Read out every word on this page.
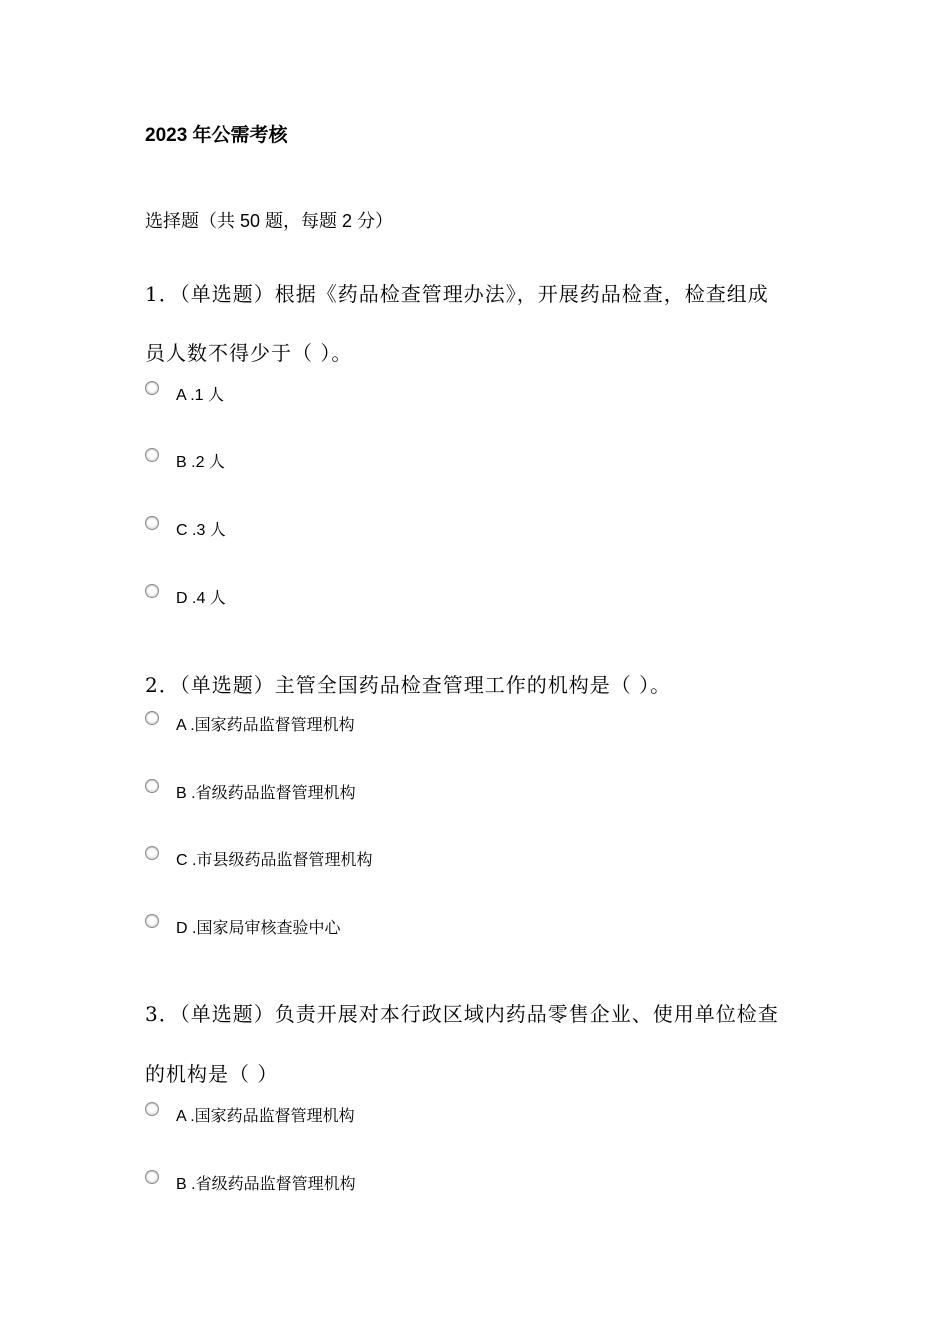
2023 年公需考核
选择题（共 50 题，每题 2 分）
1．（单选题）根据《药品检查管理办法》，开展药品检查，检查组成
员人数不得少于（ ）。
A .1 人
B .2 人
C .3 人
D .4 人
2．（单选题）主管全国药品检查管理工作的机构是（ ）。
A .国家药品监督管理机构
B .省级药品监督管理机构
C .市县级药品监督管理机构
D .国家局审核查验中心
3．（单选题）负责开展对本行政区域内药品零售企业、使用单位检查
的机构是（ ）
A .国家药品监督管理机构
B .省级药品监督管理机构
